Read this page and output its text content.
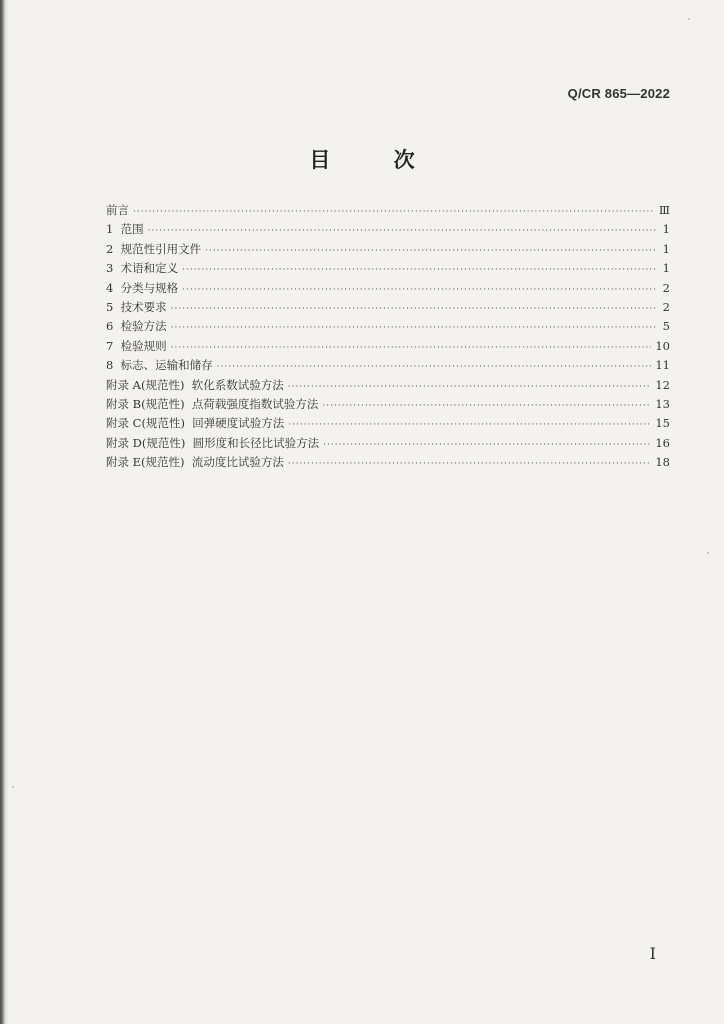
Q/CR 865—2022
目 次
前言 ·····	Ⅲ
1  范围 ·····	1
2  规范性引用文件 ·····	1
3  术语和定义 ·····	1
4  分类与规格 ·····	2
5  技术要求 ·····	2
6  检验方法 ·····	5
7  检验规则 ·····	10
8  标志、运输和储存 ·····	11
附录 A(规范性)  软化系数试验方法 ·····	12
附录 B(规范性)  点荷载强度指数试验方法 ·····	13
附录 C(规范性)  回弹硬度试验方法 ·····	15
附录 D(规范性)  圆形度和长径比试验方法 ·····	16
附录 E(规范性)  流动度比试验方法 ·····	18
I
